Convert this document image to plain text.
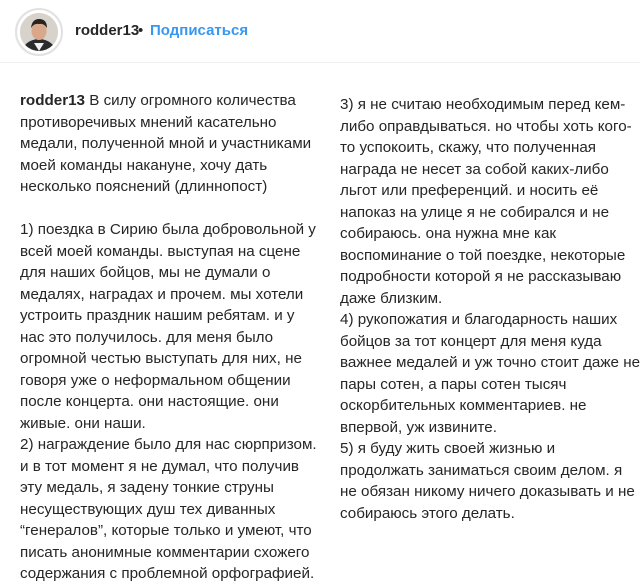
rodder13
• Подписаться
rodder13 В силу огромного количества
противоречивых мнений касательно
медали, полученной мной и участниками
моей команды накануне, хочу дать
несколько пояснений (длиннопост)
1) поездка в Сирию была добровольной у
всей моей команды. выступая на сцене
для наших бойцов, мы не думали о
медалях, наградах и прочем. мы хотели
устроить праздник нашим ребятам. и у
нас это получилось. для меня было
огромной честью выступать для них, не
говоря уже о неформальном общении
после концерта. они настоящие. они
живые. они наши.
2) награждение было для нас сюрпризом.
и в тот момент я не думал, что получив
эту медаль, я задену тонкие струны
несуществующих душ тех диванных
“генералов”, которые только и умеют, что
писать анонимные комментарии схожего
содержания с проблемной орфографией.
3) я не считаю необходимым перед кем-
либо оправдываться. но чтобы хоть кого-
то успокоить, скажу, что полученная
награда не несет за собой каких-либо
льгот или преференций. и носить её
напоказ на улице я не собирался и не
собираюсь. она нужна мне как
воспоминание о той поездке, некоторые
подробности которой я не рассказываю
даже близким.
4) рукопожатия и благодарность наших
бойцов за тот концерт для меня куда
важнее медалей и уж точно стоит даже не
пары сотен, а пары сотен тысяч
оскорбительных комментариев. не
впервой, уж извините.
5) я буду жить своей жизнью и
продолжать заниматься своим делом. я
не обязан никому ничего доказывать и не
собираюсь этого делать.
